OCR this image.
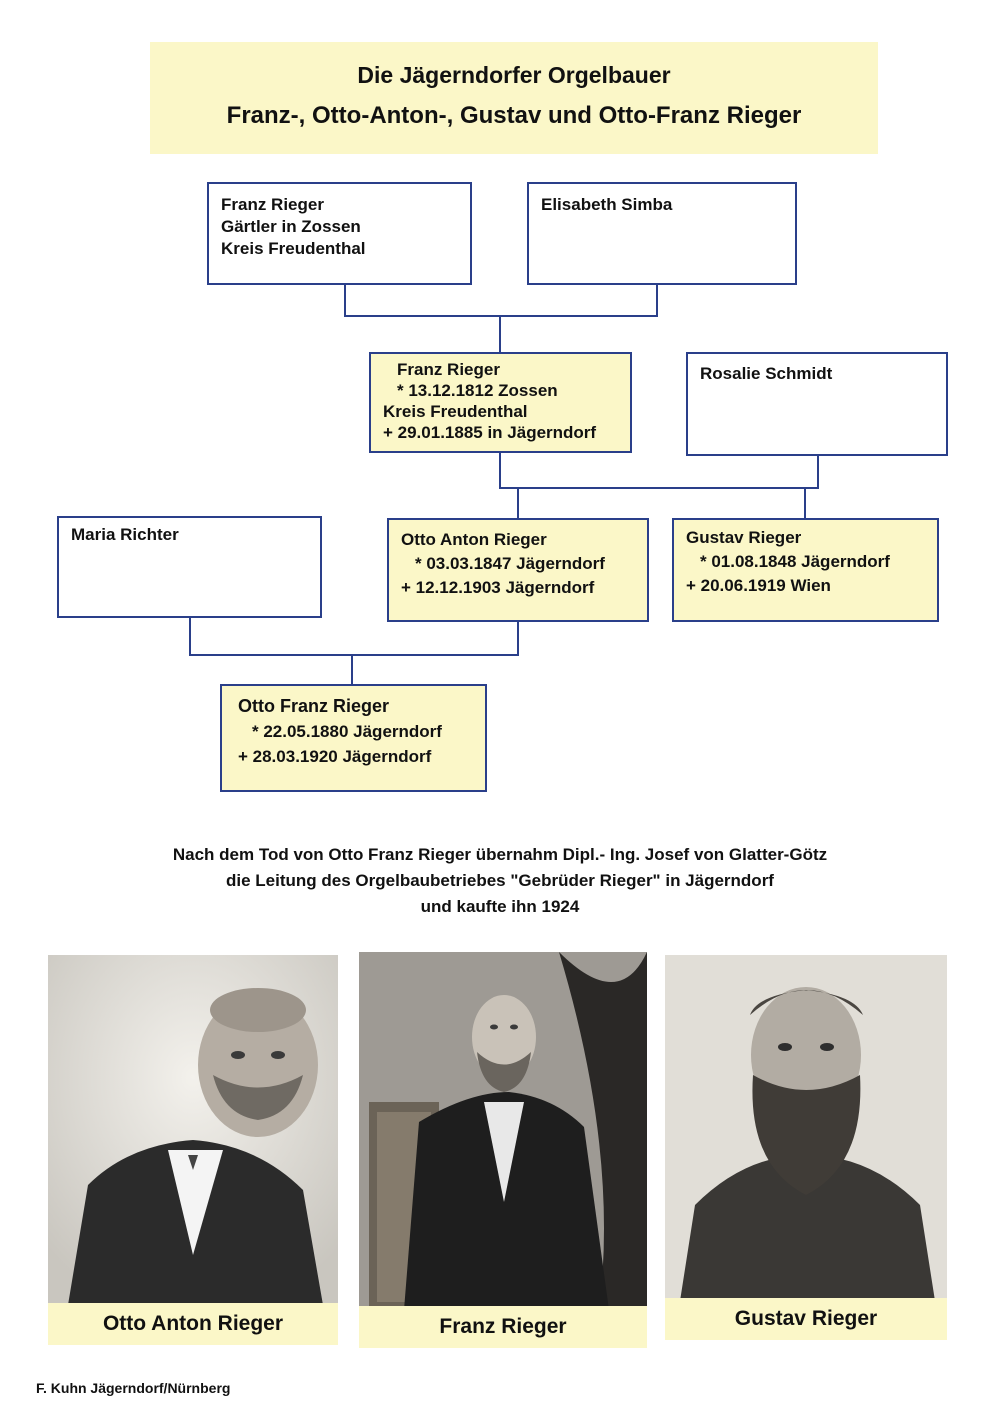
Die Jägerndorfer Orgelbauer
Franz-, Otto-Anton-, Gustav und Otto-Franz Rieger
Franz Rieger
Gärtler in Zossen
Kreis Freudenthal
Elisabeth Simba
Franz Rieger
* 13.12.1812 Zossen
Kreis Freudenthal
+ 29.01.1885 in Jägerndorf
Rosalie Schmidt
Maria Richter	Otto Anton Rieger
* 03.03.1847 Jägerndorf
+ 12.12.1903 Jägerndorf
Gustav Rieger
* 01.08.1848 Jägerndorf
+ 20.06.1919 Wien
Otto Franz Rieger
* 22.05.1880 Jägerndorf
+ 28.03.1920 Jägerndorf
Nach dem Tod von Otto Franz Rieger übernahm Dipl.- Ing. Josef von Glatter-Götz
die Leitung des Orgelbaubetriebes "Gebrüder Rieger" in Jägerndorf
und kaufte ihn 1924
Otto Anton Rieger	Franz Rieger	Gustav Rieger
F. Kuhn Jägerndorf/Nürnberg
